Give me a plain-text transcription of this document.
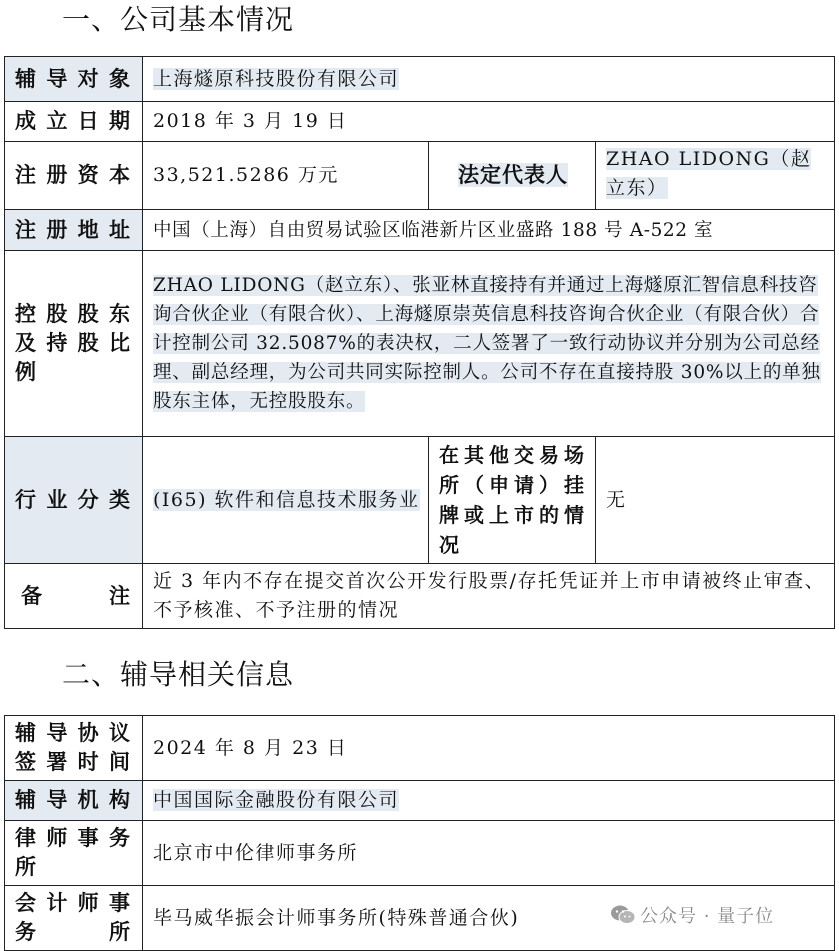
一、公司基本情况
辅导对象	上海燧原科技股份有限公司		
成立日期	2018 年 3 月 19 日		
注册资本	33,521.5286 万元	法定代表人	ZHAO LIDONG（赵立东）
注册地址	中国（上海）自由贸易试验区临港新片区业盛路 188 号 A-522 室		
控股股东及持股比例	ZHAO LIDONG（赵立东）、张亚林直接持有并通过上海燧原汇智信息科技咨询合伙企业（有限合伙）、上海燧原崇英信息科技咨询合伙企业（有限合伙）合计控制公司 32.5087%的表决权，二人签署了一致行动协议并分别为公司总经理、副总经理，为公司共同实际控制人。公司不存在直接持股 30%以上的单独股东主体，无控股股东。		
行业分类	(I65) 软件和信息技术服务业	在其他交易场所（申请）挂牌或上市的情况	无
备注	近 3 年内不存在提交首次公开发行股票/存托凭证并上市申请被终止审查、不予核准、不予注册的情况		
二、辅导相关信息
辅导协议签署时间	2024 年 8 月 23 日
辅导机构	中国国际金融股份有限公司
律师事务所	北京市中伦律师事务所
会计师事务所	毕马威华振会计师事务所(特殊普通合伙)	公众号 · 量子位
